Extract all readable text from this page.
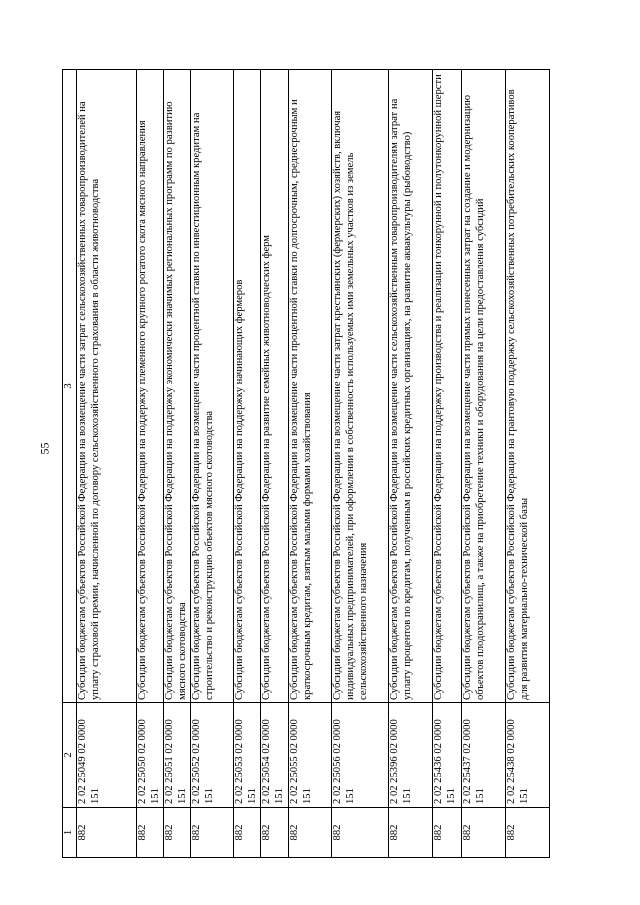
55
1	2	3
882	2 02 25049 02 0000 151	Субсидии бюджетам субъектов Российской Федерации на возмещение части затрат сельскохозяйственных товаропроизводителей на уплату страховой премии, начисленной по договору сельскохозяйственного страхования в области животноводства
882	2 02 25050 02 0000 151	Субсидии бюджетам субъектов Российской Федерации на поддержку племенного крупного рогатого скота мясного направления
882	2 02 25051 02 0000 151	Субсидии бюджетам субъектов Российской Федерации на поддержку экономически значимых региональных программ по развитию мясного скотоводства
882	2 02 25052 02 0000 151	Субсидии бюджетам субъектов Российской Федерации на возмещение части процентной ставки по инвестиционным кредитам на строительство и реконструкцию объектов мясного скотоводства
882	2 02 25053 02 0000 151	Субсидии бюджетам субъектов Российской Федерации на поддержку начинающих фермеров
882	2 02 25054 02 0000 151	Субсидии бюджетам субъектов Российской Федерации на развитие семейных животноводческих ферм
882	2 02 25055 02 0000 151	Субсидии бюджетам субъектов Российской Федерации на возмещение части процентной ставки по долгосрочным, среднесрочным и краткосрочным кредитам, взятым малыми формами хозяйствования
882	2 02 25056 02 0000 151	Субсидии бюджетам субъектов Российской Федерации на возмещение части затрат крестьянских (фермерских) хозяйств, включая индивидуальных предпринимателей, при оформлении в собственность используемых ими земельных участков из земель сельскохозяйственного назначения
882	2 02 25396 02 0000 151	Субсидии бюджетам субъектов Российской Федерации на возмещение части сельскохозяйственным товаропроизводителям затрат на уплату процентов по кредитам, полученным в российских кредитных организациях, на развитие аквакультуры (рыбоводство)
882	2 02 25436 02 0000 151	Субсидии бюджетам субъектов Российской Федерации на поддержку производства и реализации тонкорунной и полутонкорунной шерсти
882	2 02 25437 02 0000 151	Субсидии бюджетам субъектов Российской Федерации на возмещение части прямых понесенных затрат на создание и модернизацию объектов плодохранилищ, а также на приобретение техники и оборудования на цели предоставления субсидий
882	2 02 25438 02 0000 151	Субсидии бюджетам субъектов Российской Федерации на грантовую поддержку сельскохозяйственных потребительских кооперативов для развития материально-технической базы
